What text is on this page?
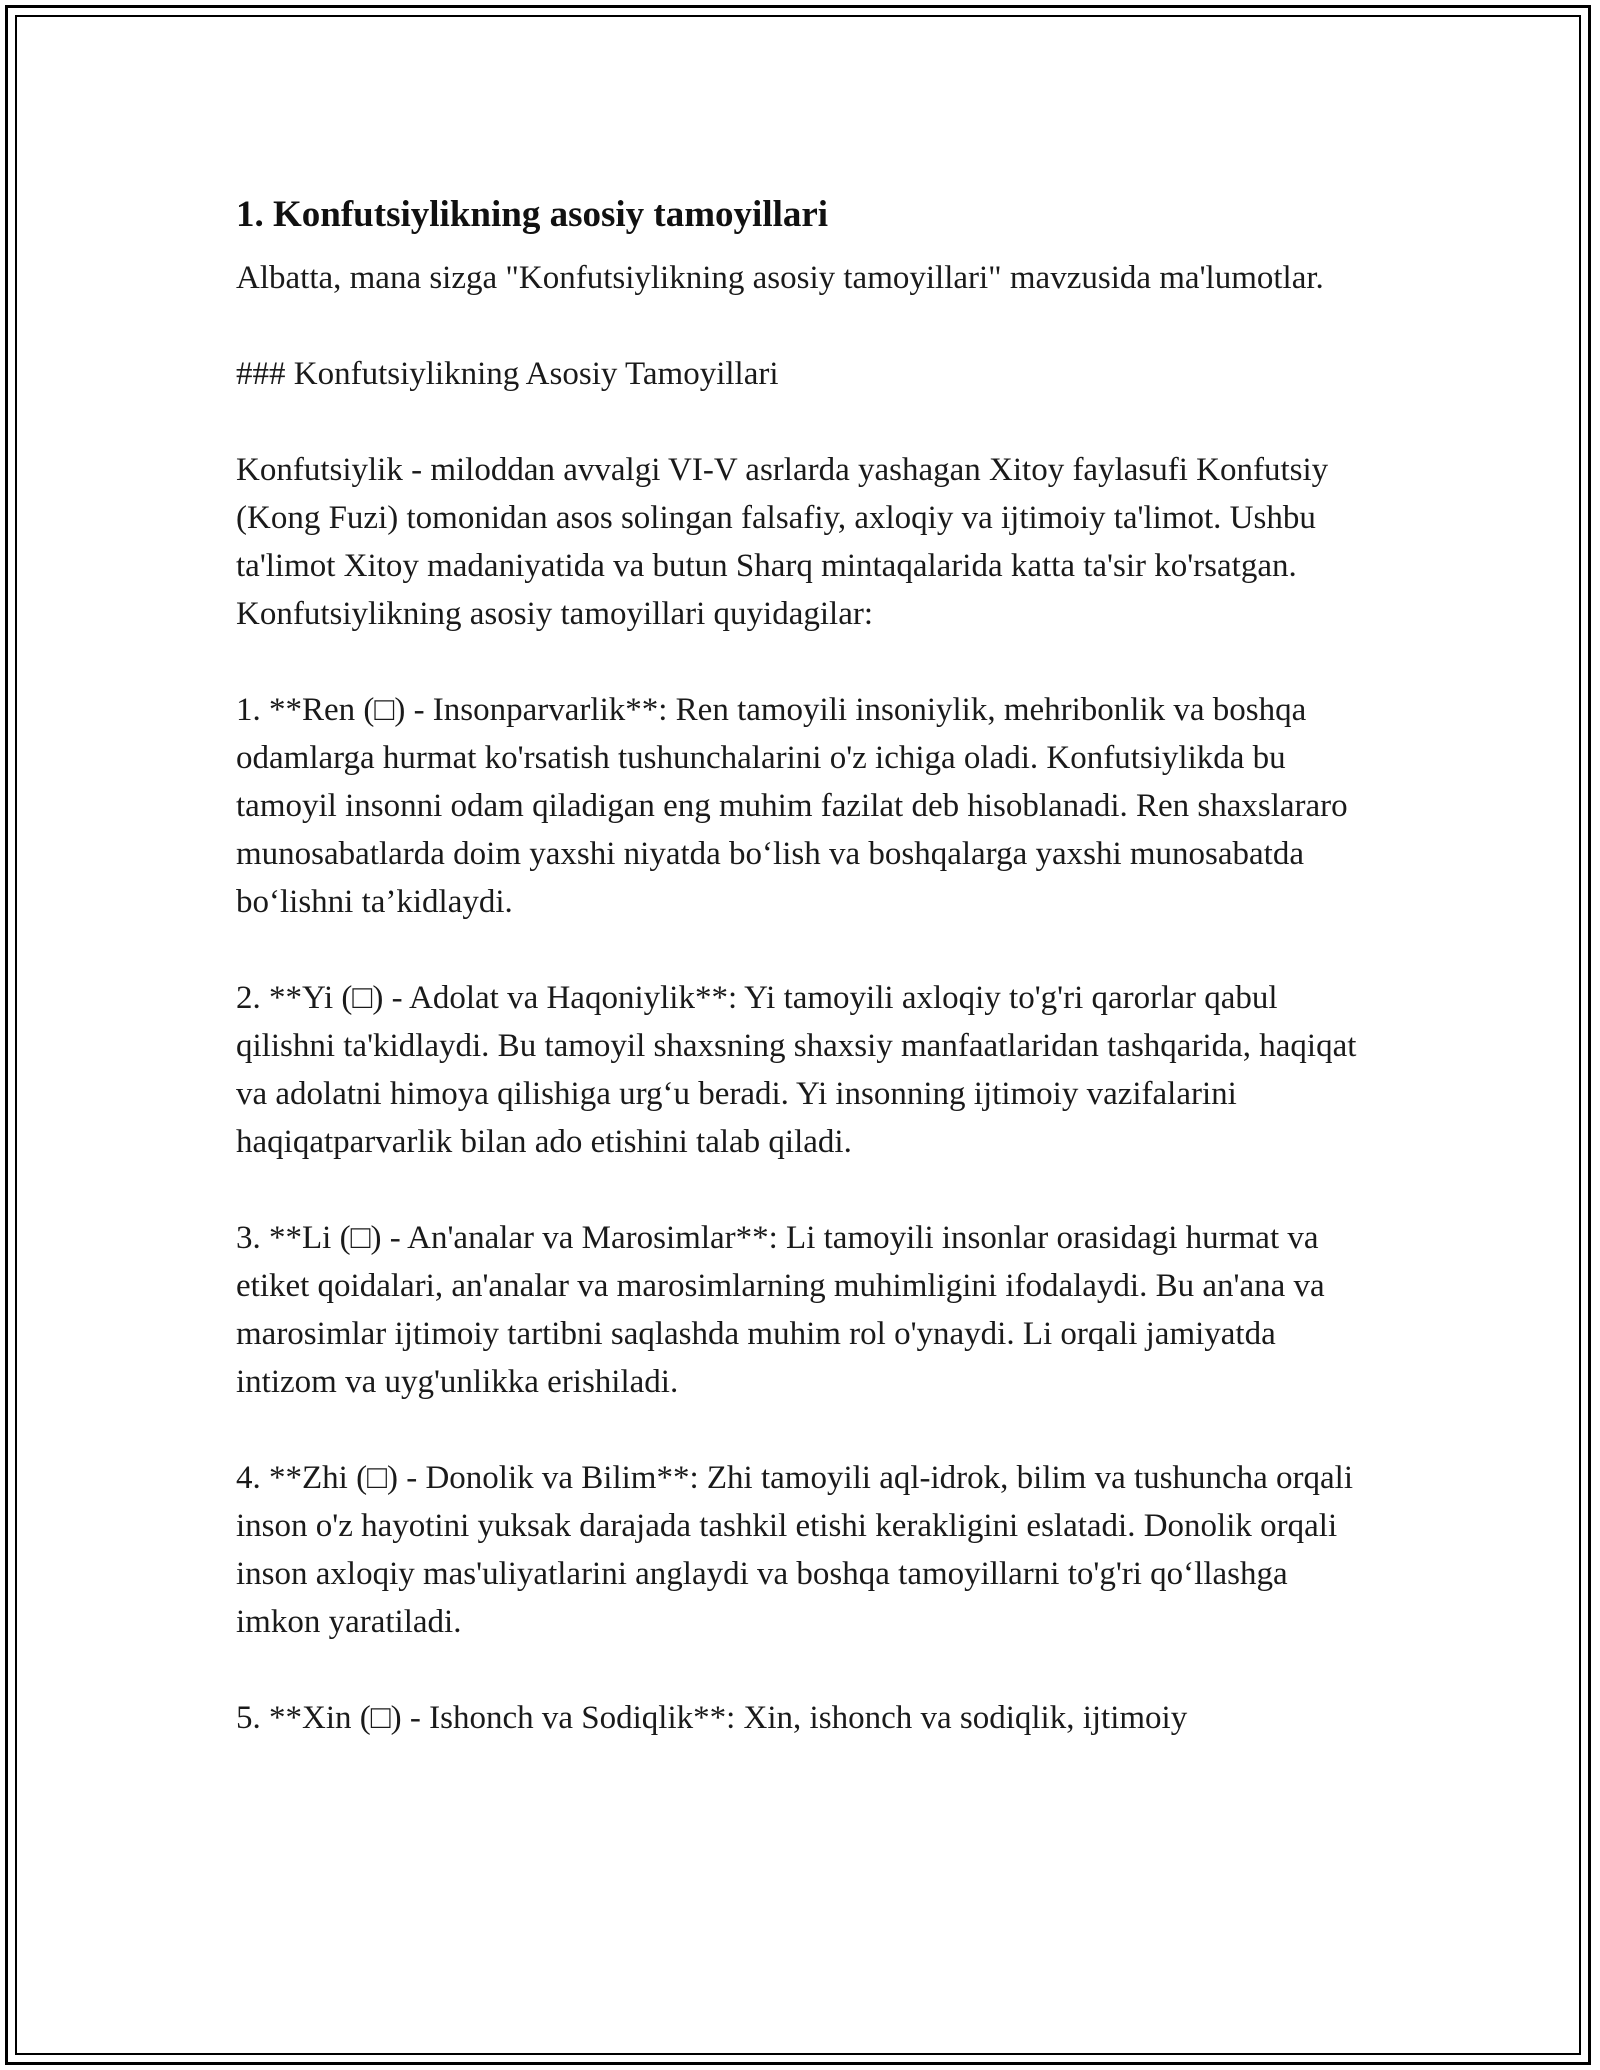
1. Konfutsiylikning asosiy tamoyillari

Albatta, mana sizga "Konfutsiylikning asosiy tamoyillari" mavzusida ma'lumotlar.

### Konfutsiylikning Asosiy Tamoyillari

Konfutsiylik - miloddan avvalgi VI-V asrlarda yashagan Xitoy faylasufi Konfutsiy (Kong Fuzi) tomonidan asos solingan falsafiy, axloqiy va ijtimoiy ta'limot. Ushbu ta'limot Xitoy madaniyatida va butun Sharq mintaqalarida katta ta'sir ko'rsatgan. Konfutsiylikning asosiy tamoyillari quyidagilar:

1. **Ren (□) - Insonparvarlik**: Ren tamoyili insoniylik, mehribonlik va boshqa odamlarga hurmat ko'rsatish tushunchalarini o'z ichiga oladi. Konfutsiylikda bu tamoyil insonni odam qiladigan eng muhim fazilat deb hisoblanadi. Ren shaxslararo munosabatlarda doim yaxshi niyatda bo‘lish va boshqalarga yaxshi munosabatda bo‘lishni ta’kidlaydi.

2. **Yi (□) - Adolat va Haqoniylik**: Yi tamoyili axloqiy to'g'ri qarorlar qabul qilishni ta'kidlaydi. Bu tamoyil shaxsning shaxsiy manfaatlaridan tashqarida, haqiqat va adolatni himoya qilishiga urg‘u beradi. Yi insonning ijtimoiy vazifalarini haqiqatparvarlik bilan ado etishini talab qiladi.

3. **Li (□) - An'analar va Marosimlar**: Li tamoyili insonlar orasidagi hurmat va etiket qoidalari, an'analar va marosimlarning muhimligini ifodalaydi. Bu an'ana va marosimlar ijtimoiy tartibni saqlashda muhim rol o'ynaydi. Li orqali jamiyatda intizom va uyg'unlikka erishiladi.

4. **Zhi (□) - Donolik va Bilim**: Zhi tamoyili aql-idrok, bilim va tushuncha orqali inson o'z hayotini yuksak darajada tashkil etishi kerakligini eslatadi. Donolik orqali inson axloqiy mas'uliyatlarini anglaydi va boshqa tamoyillarni to'g'ri qo‘llashga imkon yaratiladi.

5. **Xin (□) - Ishonch va Sodiqlik**: Xin, ishonch va sodiqlik, ijtimoiy
